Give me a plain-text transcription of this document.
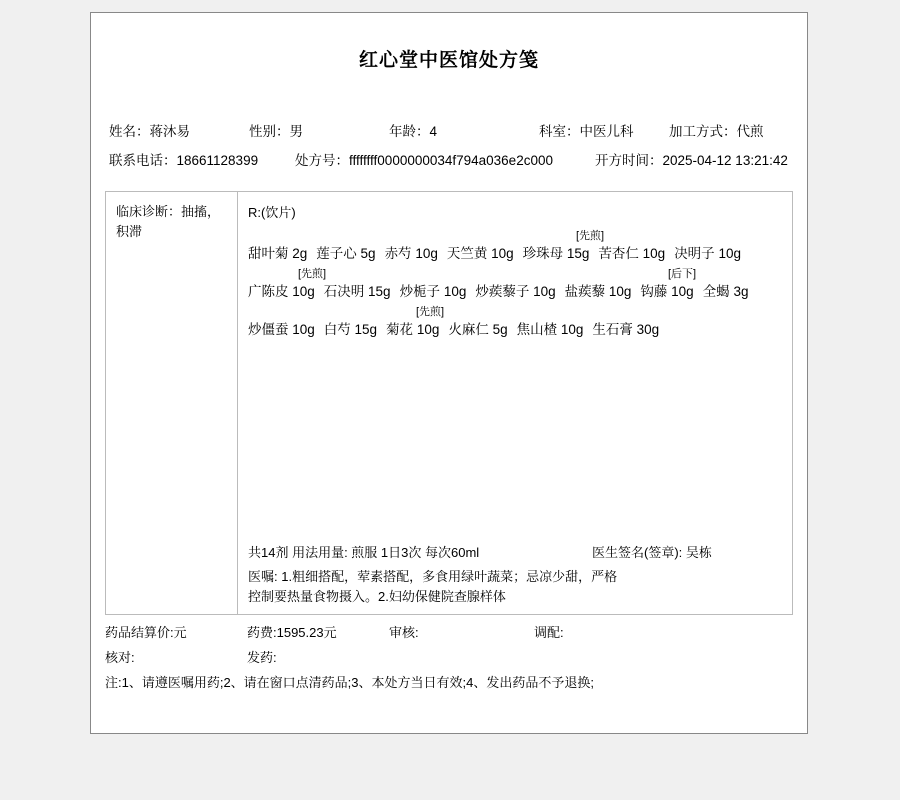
红心堂中医馆处方笺
姓名：蒋沐易	性别：男	年龄：4	科室：中医儿科	加工方式：代煎
联系电话：18661128399	处方号：ffffffff0000000034f794a036e2c000	开方时间：2025-04-12 13:21:42
临床诊断：抽搐，积滞
R:(饮片)
[先煎]
甜叶菊 2g 莲子心 5g 赤芍 10g 天竺黄 10g 珍珠母 15g 苦杏仁 10g 决明子 10g
[先煎]	[后下]
广陈皮 10g 石决明 15g 炒栀子 10g 炒蒺藜子 10g 盐蒺藜 10g 钩藤 10g 全蝎 3g
[先煎]
炒僵蚕 10g 白芍 15g 菊花 10g 火麻仁 5g 焦山楂 10g 生石膏 30g
共14剂 用法用量: 煎服 1日3次 每次60ml	医生签名(签章): 吴栋
医嘱: 1.粗细搭配，荤素搭配，多食用绿叶蔬菜；忌凉少甜，严格
控制要热量食物摄入。2.妇幼保健院查腺样体
药品结算价:元	药费:1595.23元	审核:	调配:
核对:	发药:
注:1、请遵医嘱用药;2、请在窗口点清药品;3、本处方当日有效;4、发出药品不予退换;
